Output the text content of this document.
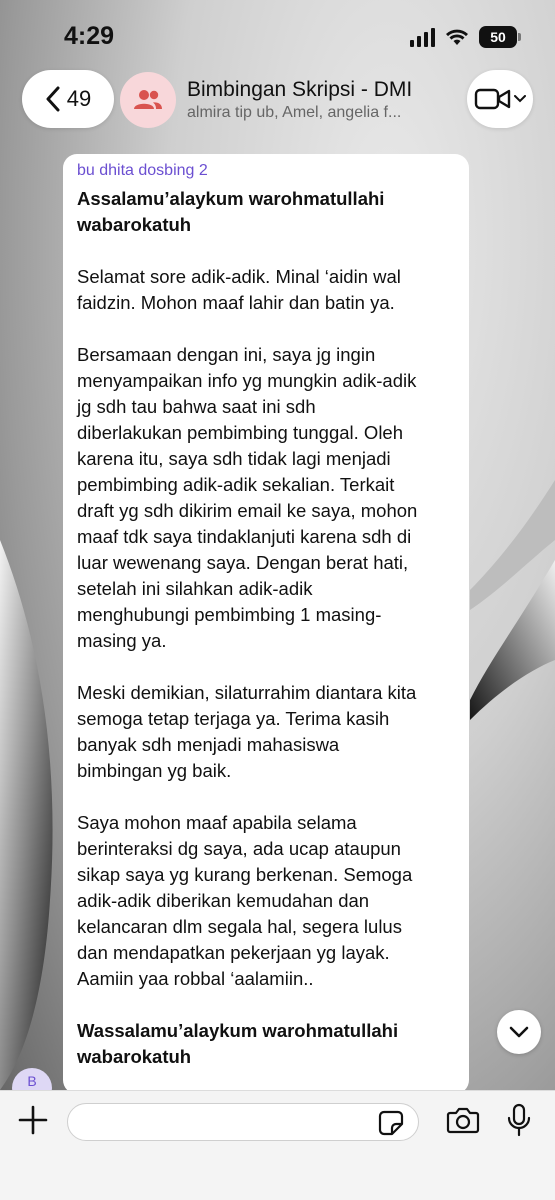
4:29	50
49	Bimbingan Skripsi - DMI
almira tip ub, Amel, angelia f...
bu dhita dosbing 2
Assalamu’alaykum warohmatullahi
wabarokatuh
Selamat sore adik-adik. Minal ‘aidin wal
faidzin. Mohon maaf lahir dan batin ya.
Bersamaan dengan ini, saya jg ingin
menyampaikan info yg mungkin adik-adik
jg sdh tau bahwa saat ini sdh
diberlakukan pembimbing tunggal. Oleh
karena itu, saya sdh tidak lagi menjadi
pembimbing adik-adik sekalian. Terkait
draft yg sdh dikirim email ke saya, mohon
maaf tdk saya tindaklanjuti karena sdh di
luar wewenang saya. Dengan berat hati,
setelah ini silahkan adik-adik
menghubungi pembimbing 1 masing-
masing ya.
Meski demikian, silaturrahim diantara kita
semoga tetap terjaga ya. Terima kasih
banyak sdh menjadi mahasiswa
bimbingan yg baik.
Saya mohon maaf apabila selama
berinteraksi dg saya, ada ucap ataupun
sikap saya yg kurang berkenan. Semoga
adik-adik diberikan kemudahan dan
kelancaran dlm segala hal, segera lulus
dan mendapatkan pekerjaan yg layak.
Aamiin yaa robbal ‘aalamiin..
Wassalamu’alaykum warohmatullahi
wabarokatuh
B
